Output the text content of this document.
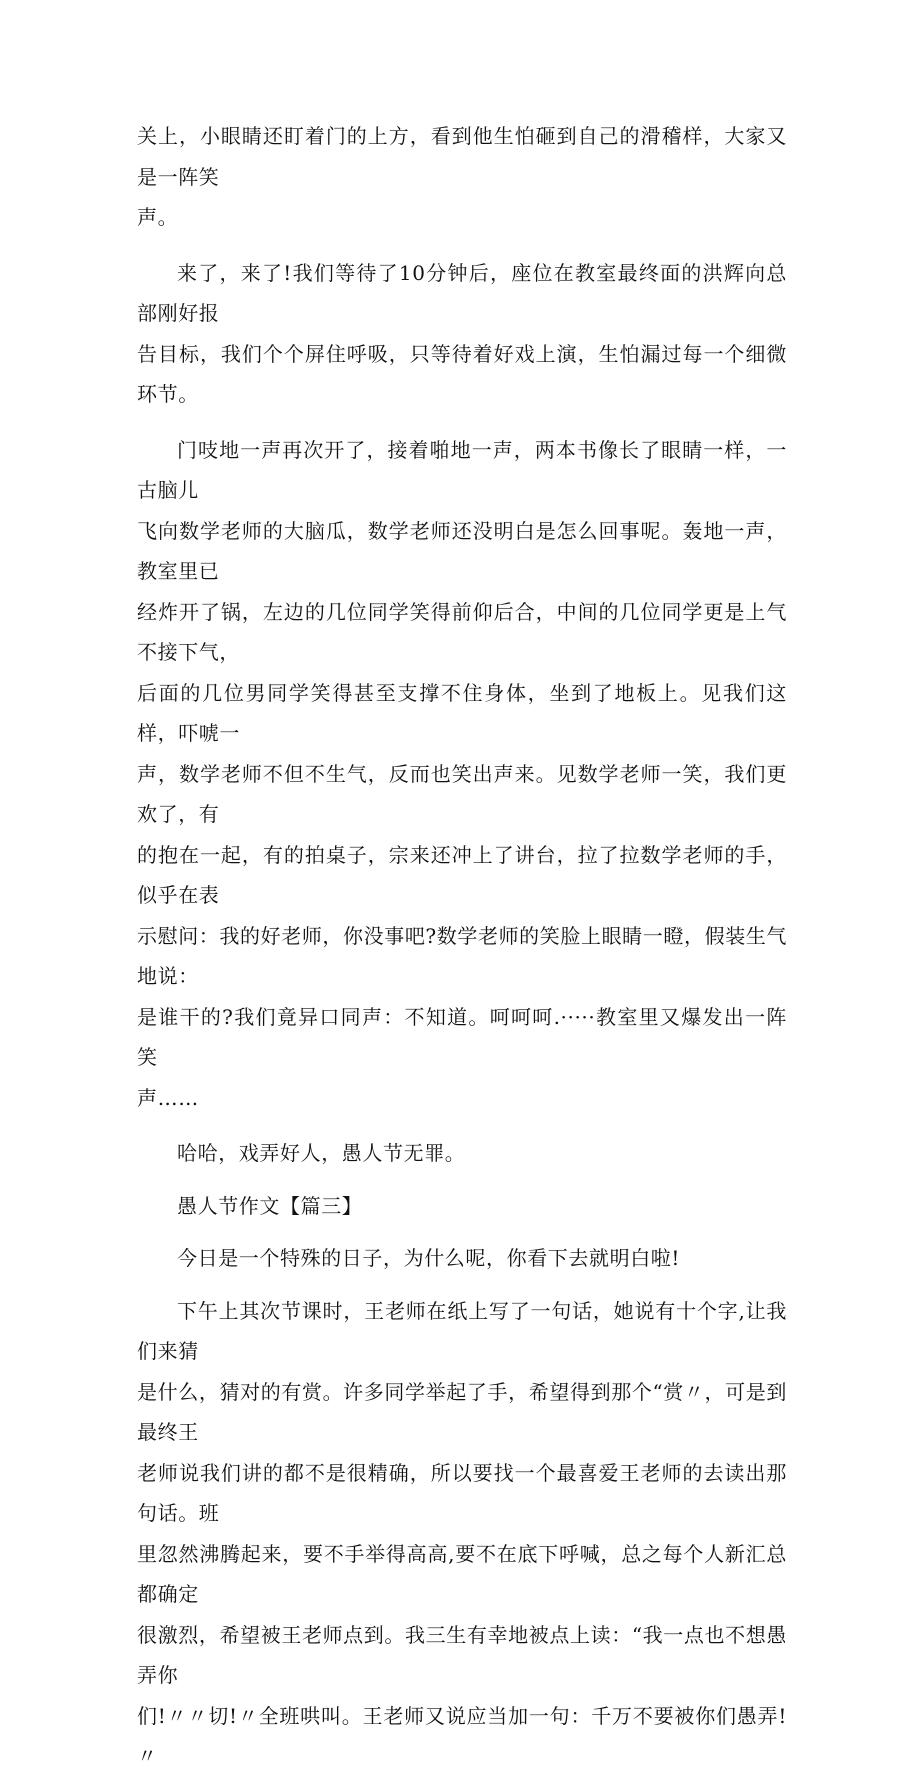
关上，小眼睛还盯着门的上方，看到他生怕砸到自己的滑稽样，大家又是一阵笑
声。

来了，来了!我们等待了10分钟后，座位在教室最终面的洪辉向总部刚好报
告目标，我们个个屏住呼吸，只等待着好戏上演，生怕漏过每一个细微环节。

门吱地一声再次开了，接着啪地一声，两本书像长了眼睛一样，一古脑儿
飞向数学老师的大脑瓜，数学老师还没明白是怎么回事呢。轰地一声，教室里已
经炸开了锅，左边的几位同学笑得前仰后合，中间的几位同学更是上气不接下气，
后面的几位男同学笑得甚至支撑不住身体，坐到了地板上。见我们这样，吓唬一
声，数学老师不但不生气，反而也笑出声来。见数学老师一笑，我们更欢了，有
的抱在一起，有的拍桌子，宗来还冲上了讲台，拉了拉数学老师的手，似乎在表
示慰问：我的好老师，你没事吧?数学老师的笑脸上眼睛一瞪，假装生气地说：
是谁干的?我们竟异口同声：不知道。呵呵呵.·····教室里又爆发出一阵笑
声……

哈哈，戏弄好人，愚人节无罪。

愚人节作文【篇三】

今日是一个特殊的日子，为什么呢，你看下去就明白啦!

下午上其次节课时，王老师在纸上写了一句话，她说有十个字,让我们来猜
是什么，猜对的有赏。许多同学举起了手，希望得到那个“赏〃，可是到最终王
老师说我们讲的都不是很精确，所以要找一个最喜爱王老师的去读出那句话。班
里忽然沸腾起来，要不手举得高高,要不在底下呼喊，总之每个人新汇总都确定
很激烈，希望被王老师点到。我三生有幸地被点上读：“我一点也不想愚弄你
们!〃〃切!〃全班哄叫。王老师又说应当加一句：千万不要被你们愚弄!〃
